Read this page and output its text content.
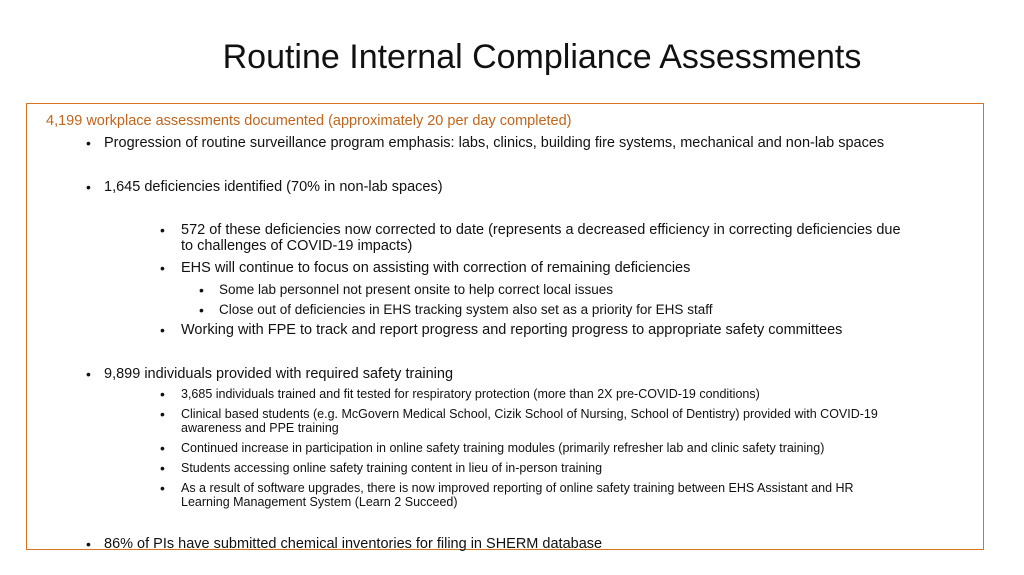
Routine Internal Compliance Assessments
4,199 workplace assessments documented (approximately 20 per day completed)
• Progression of routine surveillance program emphasis: labs, clinics, building fire systems, mechanical and non-lab spaces
• 1,645 deficiencies identified (70% in non-lab spaces)
• 572 of these deficiencies now corrected to date (represents a decreased efficiency in correcting deficiencies due
to challenges of COVID-19 impacts)
• EHS will continue to focus on assisting with correction of remaining deficiencies
• Some lab personnel not present onsite to help correct local issues
• Close out of deficiencies in EHS tracking system also set as a priority for EHS staff
• Working with FPE to track and report progress and reporting progress to appropriate safety committees
• 9,899 individuals provided with required safety training
• 3,685 individuals trained and fit tested for respiratory protection (more than 2X pre-COVID-19 conditions)
• Clinical based students (e.g. McGovern Medical School, Cizik School of Nursing, School of Dentistry) provided with COVID-19
awareness and PPE training
• Continued increase in participation in online safety training modules (primarily refresher lab and clinic safety training)
• Students accessing online safety training content in lieu of in-person training
• As a result of software upgrades, there is now improved reporting of online safety training between EHS Assistant and HR
Learning Management System (Learn 2 Succeed)
• 86% of PIs have submitted chemical inventories for filing in SHERM database
